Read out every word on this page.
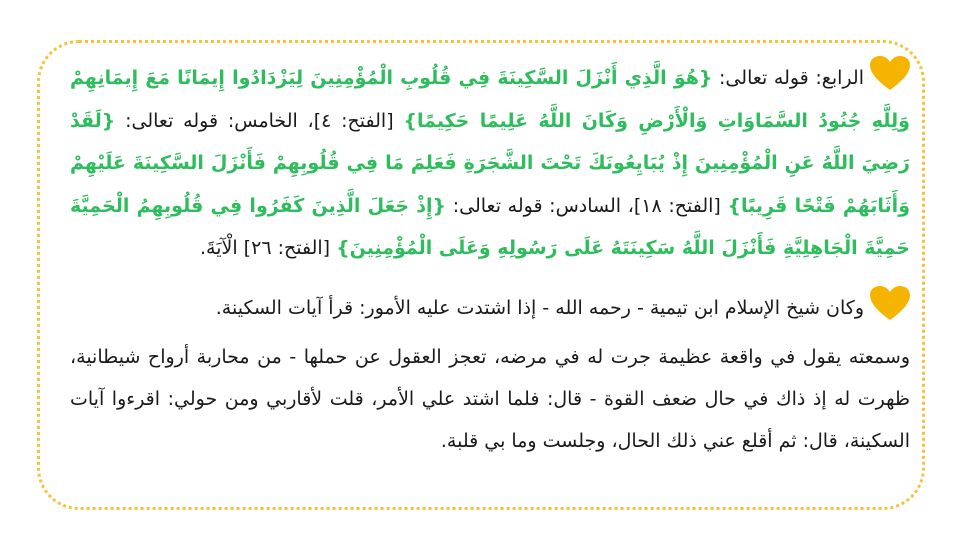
الرابع: قوله تعالى: {هُوَ الَّذِي أَنْزَلَ السَّكِينَةَ فِي قُلُوبِ الْمُؤْمِنِينَ لِيَزْدَادُوا إِيمَانًا مَعَ إِيمَانِهِمْ وَلِلَّهِ جُنُودُ السَّمَاوَاتِ وَالْأَرْضِ وَكَانَ اللَّهُ عَلِيمًا حَكِيمًا} [الفتح: ٤]، الخامس: قوله تعالى: {لَقَدْ رَضِيَ اللَّهُ عَنِ الْمُؤْمِنِينَ إِذْ يُبَايِعُونَكَ تَحْتَ الشَّجَرَةِ فَعَلِمَ مَا فِي قُلُوبِهِمْ فَأَنْزَلَ السَّكِينَةَ عَلَيْهِمْ وَأَثَابَهُمْ فَتْحًا قَرِيبًا} [الفتح: ١٨]، السادس: قوله تعالى: {إِذْ جَعَلَ الَّذِينَ كَفَرُوا فِي قُلُوبِهِمُ الْحَمِيَّةَ حَمِيَّةَ الْجَاهِلِيَّةِ فَأَنْزَلَ اللَّهُ سَكِينَتَهُ عَلَى رَسُولِهِ وَعَلَى الْمُؤْمِنِينَ} [الفتح: ٢٦] الْآيَةَ.

وكان شيخ الإسلام ابن تيمية - رحمه الله - إذا اشتدت عليه الأمور: قرأ آيات السكينة.

وسمعته يقول في واقعة عظيمة جرت له في مرضه، تعجز العقول عن حملها - من محاربة أرواح شيطانية، ظهرت له إذ ذاك في حال ضعف القوة - قال: فلما اشتد علي الأمر، قلت لأقاربي ومن حولي: اقرءوا آيات السكينة، قال: ثم أقلع عني ذلك الحال، وجلست وما بي قلبة.
